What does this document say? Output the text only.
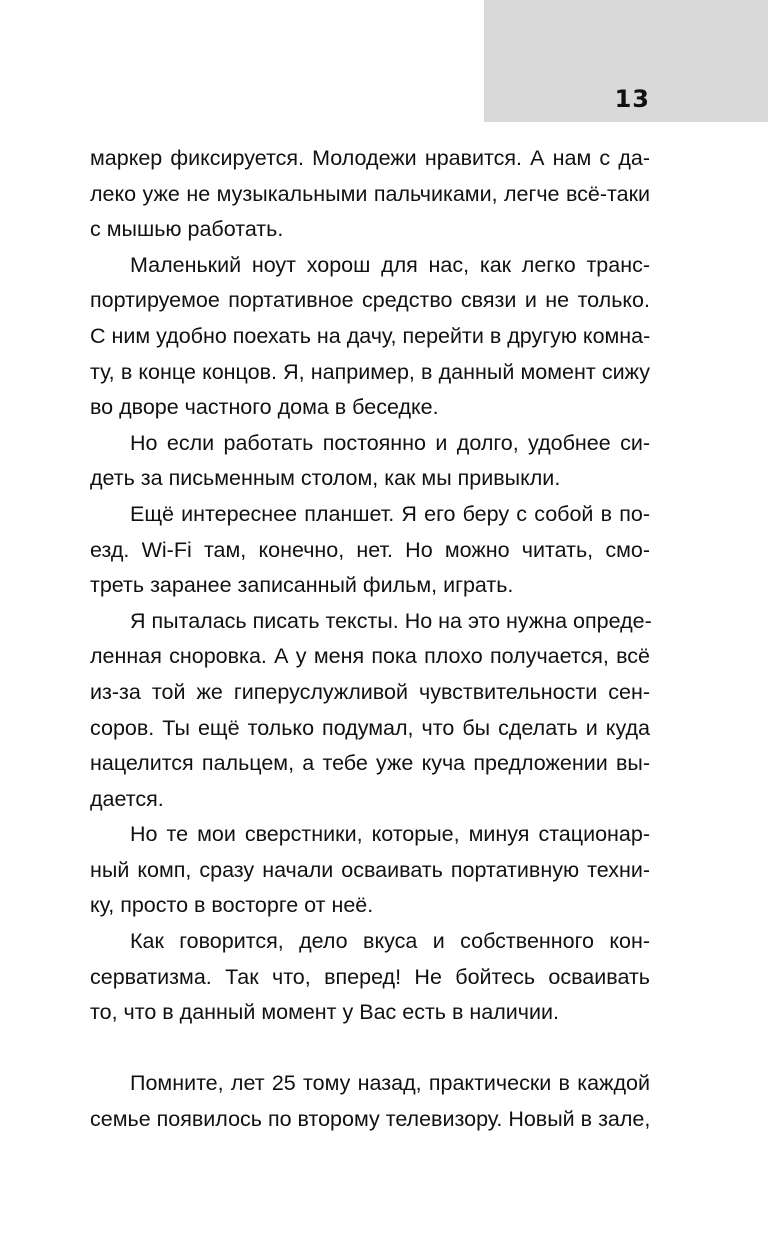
13
маркер фиксируется. Молодежи нравится. А нам с да-
леко уже не музыкальными пальчиками, легче всё-таки
с мышью работать.
Маленький ноут хорош для нас, как легко транс-
портируемое портативное средство связи и не только.
С ним удобно поехать на дачу, перейти в другую комна-
ту, в конце концов. Я, например, в данный момент сижу
во дворе частного дома в беседке.
Но если работать постоянно и долго, удобнее си-
деть за письменным столом, как мы привыкли.
Ещё интереснее планшет. Я его беру с собой в по-
езд. Wi-Fi там, конечно, нет. Но можно читать, смо-
треть заранее записанный фильм, играть.
Я пыталась писать тексты. Но на это нужна опреде-
ленная сноровка. А у меня пока плохо получается, всё
из-за той же гиперуслужливой чувствительности сен-
соров. Ты ещё только подумал, что бы сделать и куда
нацелится пальцем, а тебе уже куча предложении вы-
дается.
Но те мои сверстники, которые, минуя стационар-
ный комп, сразу начали осваивать портативную техни-
ку, просто в восторге от неё.
Как говорится, дело вкуса и собственного кон-
серватизма. Так что, вперед! Не бойтесь осваивать
то, что в данный момент у Вас есть в наличии.
Помните, лет 25 тому назад, практически в каждой
семье появилось по второму телевизору. Новый в зале,
